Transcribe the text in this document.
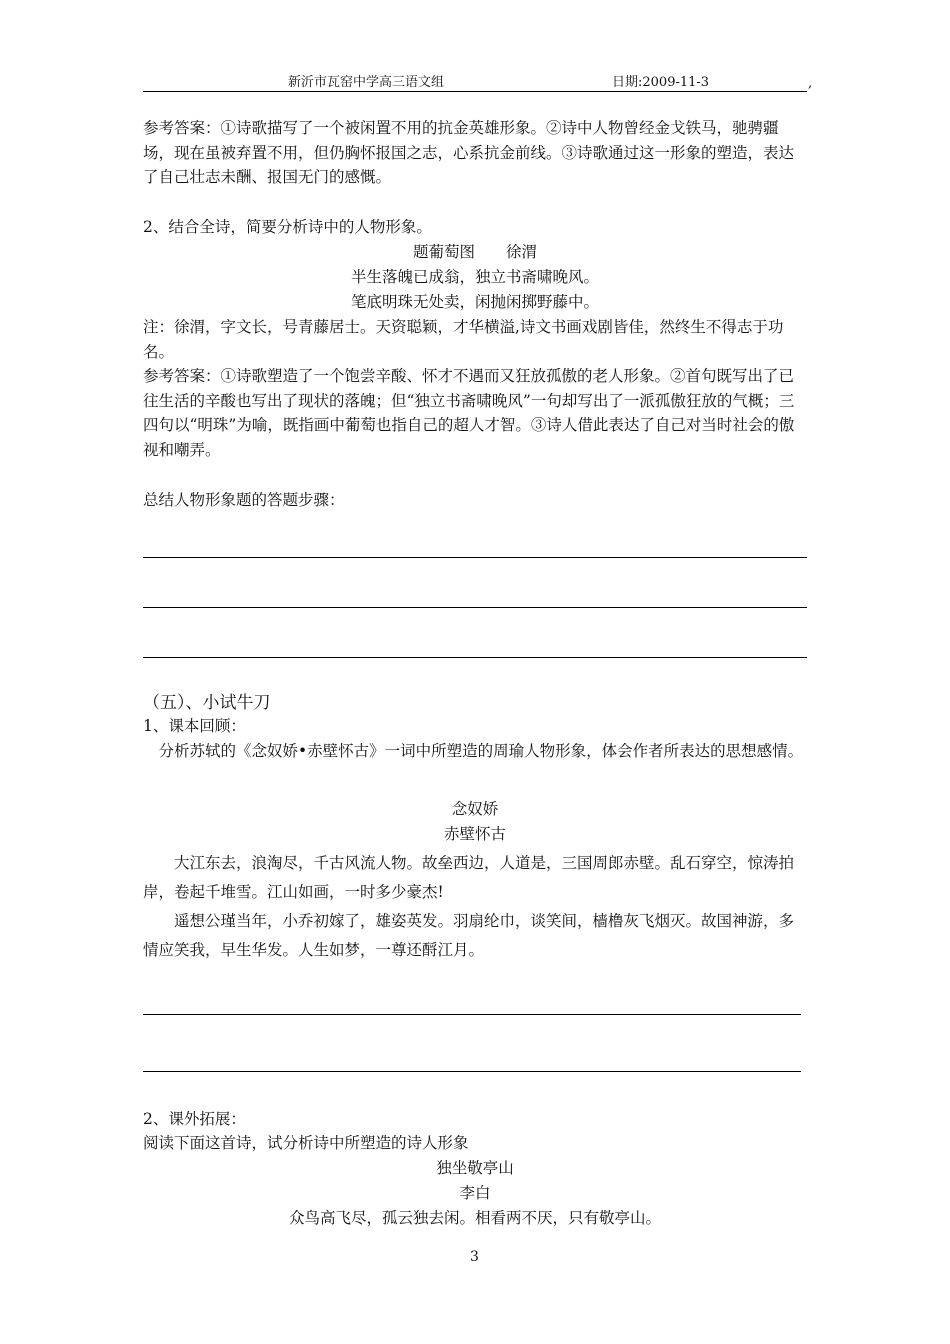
新沂市瓦窑中学高三语文组	日期:2009-11-3	,
参考答案：①诗歌描写了一个被闲置不用的抗金英雄形象。②诗中人物曾经金戈铁马，驰骋疆场，现在虽被弃置不用，但仍胸怀报国之志，心系抗金前线。③诗歌通过这一形象的塑造，表达了自己壮志未酬、报国无门的感慨。
2、结合全诗，简要分析诗中的人物形象。
题葡萄图　　徐渭
半生落魄已成翁，独立书斋啸晚风。
笔底明珠无处卖，闲抛闲掷野藤中。
注：徐渭，字文长，号青藤居士。天资聪颖，才华横溢,诗文书画戏剧皆佳，然终生不得志于功名。
参考答案：①诗歌塑造了一个饱尝辛酸、怀才不遇而又狂放孤傲的老人形象。②首句既写出了已往生活的辛酸也写出了现状的落魄；但“独立书斋啸晚风”一句却写出了一派孤傲狂放的气概；三四句以“明珠”为喻，既指画中葡萄也指自己的超人才智。③诗人借此表达了自己对当时社会的傲视和嘲弄。
总结人物形象题的答题步骤：
（五）、小试牛刀
1、课本回顾：
分析苏轼的《念奴娇•赤壁怀古》一词中所塑造的周瑜人物形象，体会作者所表达的思想感情。
念奴娇
赤壁怀古
大江东去，浪淘尽，千古风流人物。故垒西边，人道是，三国周郎赤壁。乱石穿空，惊涛拍岸，卷起千堆雪。江山如画，一时多少豪杰!
遥想公瑾当年，小乔初嫁了，雄姿英发。羽扇纶巾，谈笑间，樯橹灰飞烟灭。故国神游，多情应笑我，早生华发。人生如梦，一尊还酹江月。
2、课外拓展：
阅读下面这首诗，试分析诗中所塑造的诗人形象
独坐敬亭山
李白
众鸟高飞尽，孤云独去闲。相看两不厌，只有敬亭山。
3
